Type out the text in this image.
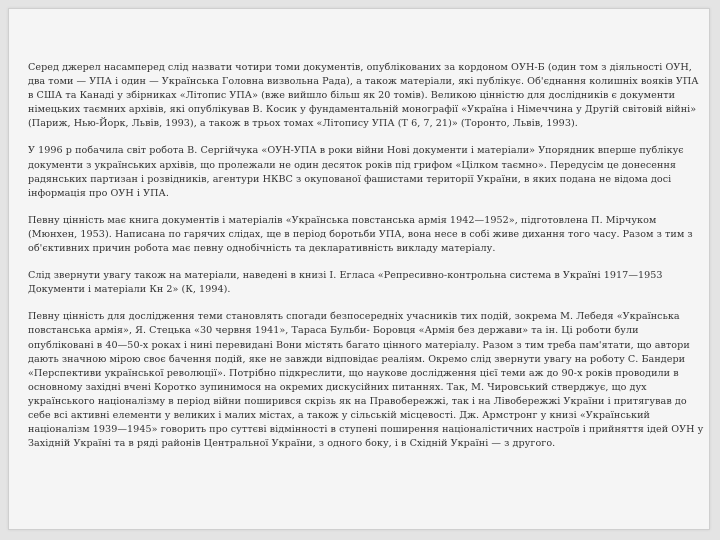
Серед джерел насамперед слід назвати чотири томи документів, опублікованих за кордоном ОУН-Б (один том з діяльності ОУН, два томи — УПА і один — Українська Головна визвольна Рада), а також матеріали, які публікує. Об'єднання колишніх вояків УПА в США та Канаді у збірниках «Літопис УПА» (вже вийшло більш як 20 томів). Великою цінністю для дослідників є документи німецьких таємних архівів, які опублікував В. Косик у фундаментальній монографії «Україна і Німеччина у Другій світовій війні» (Париж, Нью-Йорк, Львів, 1993), а також в трьох томах «Літопису УПА (Т 6, 7, 21)» (Торонто, Львів, 1993).

У 1996 р побачила світ робота В. Сергійчука «ОУН-УПА в роки війни Нові документи і матеріали» Упорядник вперше публікує документи з українських архівів, що пролежали не один десяток років під грифом «Цілком таємно». Передусім це донесення радянських партизан і розвідників, агентури НКВС з окупованої фашистами території України, в яких подана не відома досі інформація про ОУН і УПА.

Певну цінність має книга документів і матеріалів «Українська повстанська армія 1942—1952», підготовлена П. Мірчуком (Мюнхен, 1953). Написана по гарячих слідах, ще в період боротьби УПА, вона несе в собі живе дихання того часу. Разом з тим з об'єктивних причин робота має певну однобічність та декларативність викладу матеріалу.

Слід звернути увагу також на матеріали, наведені в книзі І. Егласа «Репресивно-контрольна система в Україні 1917—1953 Документи і матеріали Кн 2» (К, 1994).

Певну цінність для дослідження теми становлять спогади безпосередніх учасників тих подій, зокрема М. Лебедя «Українська повстанська армія», Я. Стецька «30 червня 1941», Тараса Бульби- Боровця «Армія без держави» та ін. Ці роботи були опубліковані в 40—50-х роках і нині перевидані Вони містять багато цінного матеріалу. Разом з тим треба пам'ятати, що автори дають значною мірою своє бачення подій, яке не завжди відповідає реаліям. Окремо слід звернути увагу на роботу С. Бандери «Перспективи української революції». Потрібно підкреслити, що наукове дослідження цієї теми аж до 90-х років проводили в основному західні вчені Коротко зупинимося на окремих дискусійних питаннях. Так, М. Чировський стверджує, що дух українського націоналізму в період війни поширився скрізь як на Правобережжі, так і на Лівобережжі України і притягував до себе всі активні елементи у великих і малих містах, а також у сільській місцевості. Дж. Армстронг у книзі «Український націоналізм 1939—1945» говорить про суттєві відмінності в ступені поширення націоналістичних настроїв і прийняття ідей ОУН у Західній Україні та в ряді районів Центральної України, з одного боку, і в Східній Україні — з другого.
